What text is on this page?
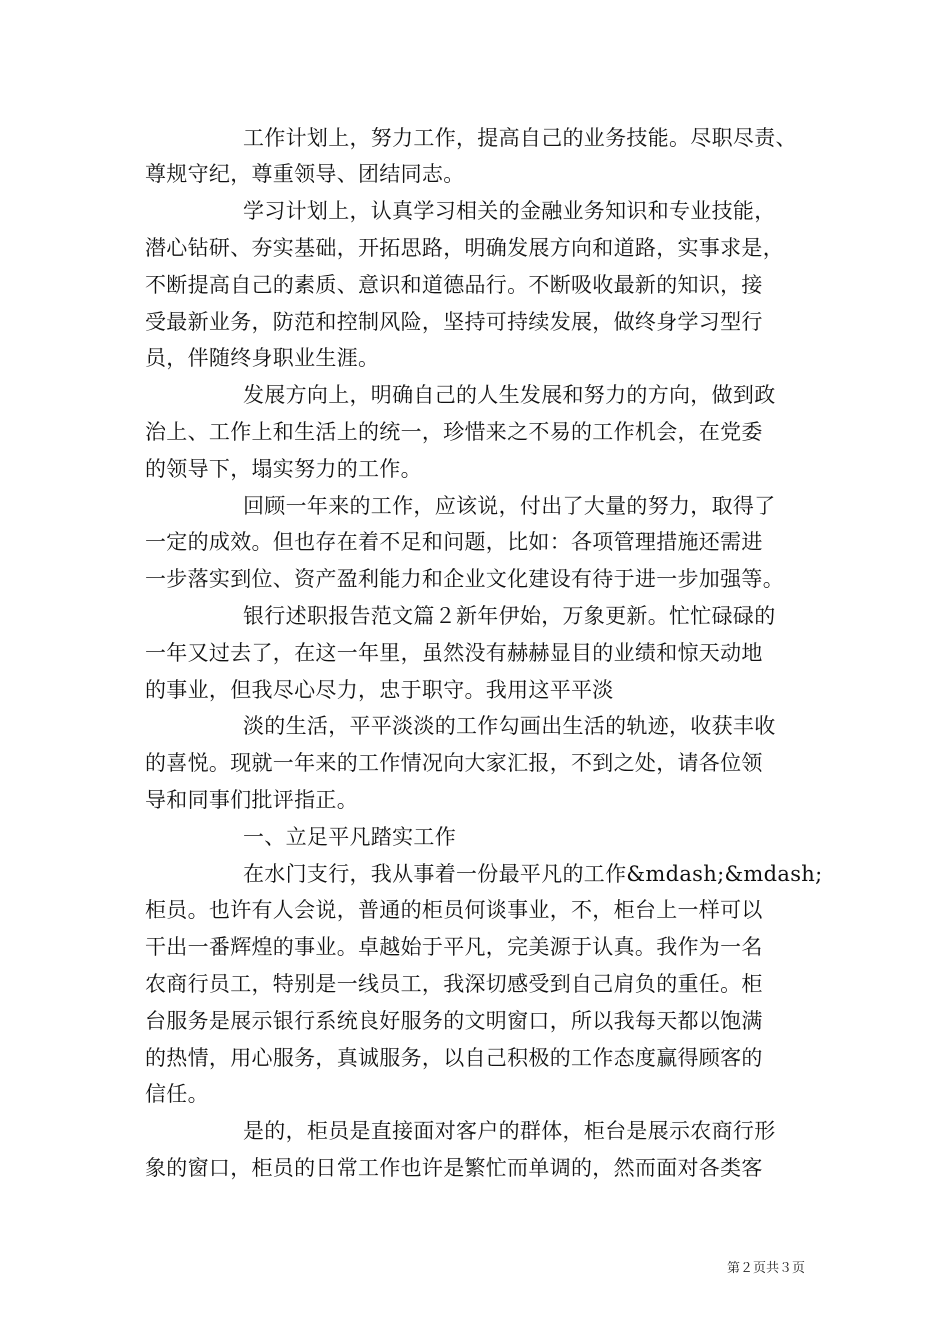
工作计划上，努力工作，提高自己的业务技能。尽职尽责、
尊规守纪，尊重领导、团结同志。
学习计划上，认真学习相关的金融业务知识和专业技能，
潜心钻研、夯实基础，开拓思路，明确发展方向和道路，实事求是，
不断提高自己的素质、意识和道德品行。不断吸收最新的知识，接
受最新业务，防范和控制风险，坚持可持续发展，做终身学习型行
员，伴随终身职业生涯。
发展方向上，明确自己的人生发展和努力的方向，做到政
治上、工作上和生活上的统一，珍惜来之不易的工作机会，在党委
的领导下，塌实努力的工作。
回顾一年来的工作，应该说，付出了大量的努力，取得了
一定的成效。但也存在着不足和问题，比如：各项管理措施还需进
一步落实到位、资产盈利能力和企业文化建设有待于进一步加强等。
银行述职报告范文篇２新年伊始，万象更新。忙忙碌碌的
一年又过去了，在这一年里，虽然没有赫赫显目的业绩和惊天动地
的事业，但我尽心尽力，忠于职守。我用这平平淡
淡的生活，平平淡淡的工作勾画出生活的轨迹，收获丰收
的喜悦。现就一年来的工作情况向大家汇报，不到之处，请各位领
导和同事们批评指正。
一、立足平凡踏实工作
在水门支行，我从事着一份最平凡的工作&mdash;&mdash;
柜员。也许有人会说，普通的柜员何谈事业，不，柜台上一样可以
干出一番辉煌的事业。卓越始于平凡，完美源于认真。我作为一名
农商行员工，特别是一线员工，我深切感受到自己肩负的重任。柜
台服务是展示银行系统良好服务的文明窗口，所以我每天都以饱满
的热情，用心服务，真诚服务，以自己积极的工作态度赢得顾客的
信任。
是的，柜员是直接面对客户的群体，柜台是展示农商行形
象的窗口，柜员的日常工作也许是繁忙而单调的，然而面对各类客
第２页共３页
